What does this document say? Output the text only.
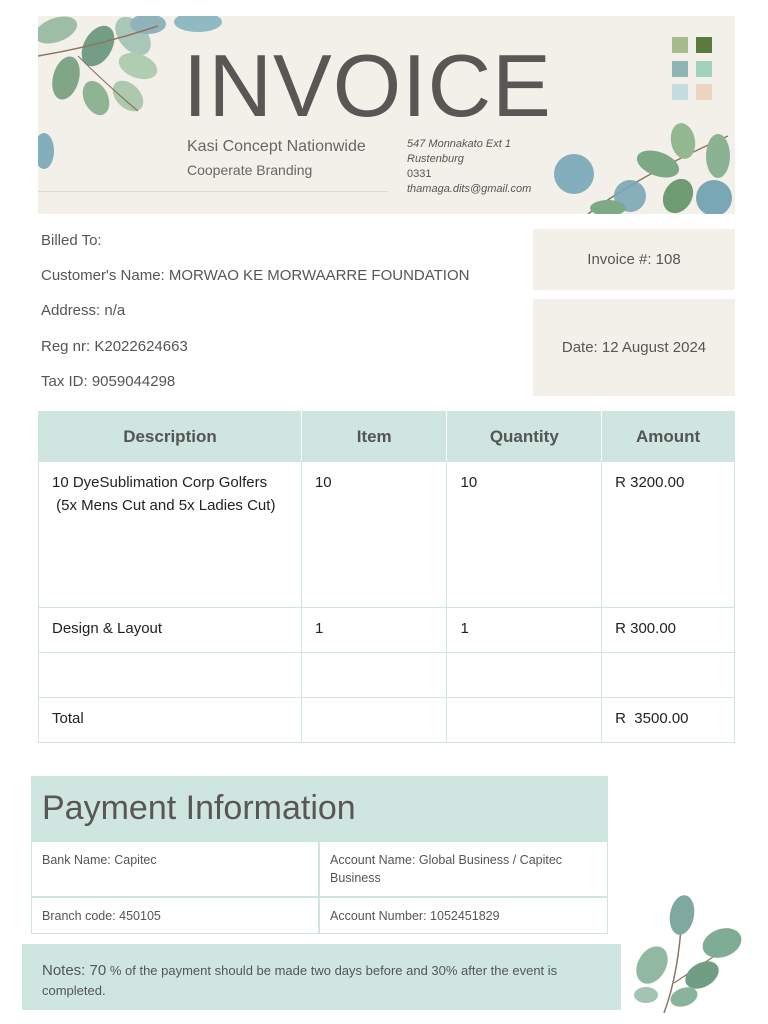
INVOICE
Kasi Concept Nationwide
Cooperate Branding
547 Monnakato Ext 1
Rustenburg
0331
thamaga.dits@gmail.com
Billed To:
Customer's Name: MORWAO KE MORWAARRE FOUNDATION
Address: n/a
Reg nr: K2022624663
Tax ID: 9059044298
Invoice #: 108
Date: 12 August 2024
Description	Item	Quantity	Amount

10 DyeSublimation Corp Golfers
(5x Mens Cut and 5x Ladies Cut)	10	10	R 3200.00
Design & Layout	1	1	R 300.00

Total			R  3500.00
Payment Information
Bank Name: Capitec	Account Name: Global Business / Capitec Business
Branch code: 450105	Account Number: 1052451829
Notes: 70 % of the payment should be made two days before and 30% after the event is completed.
